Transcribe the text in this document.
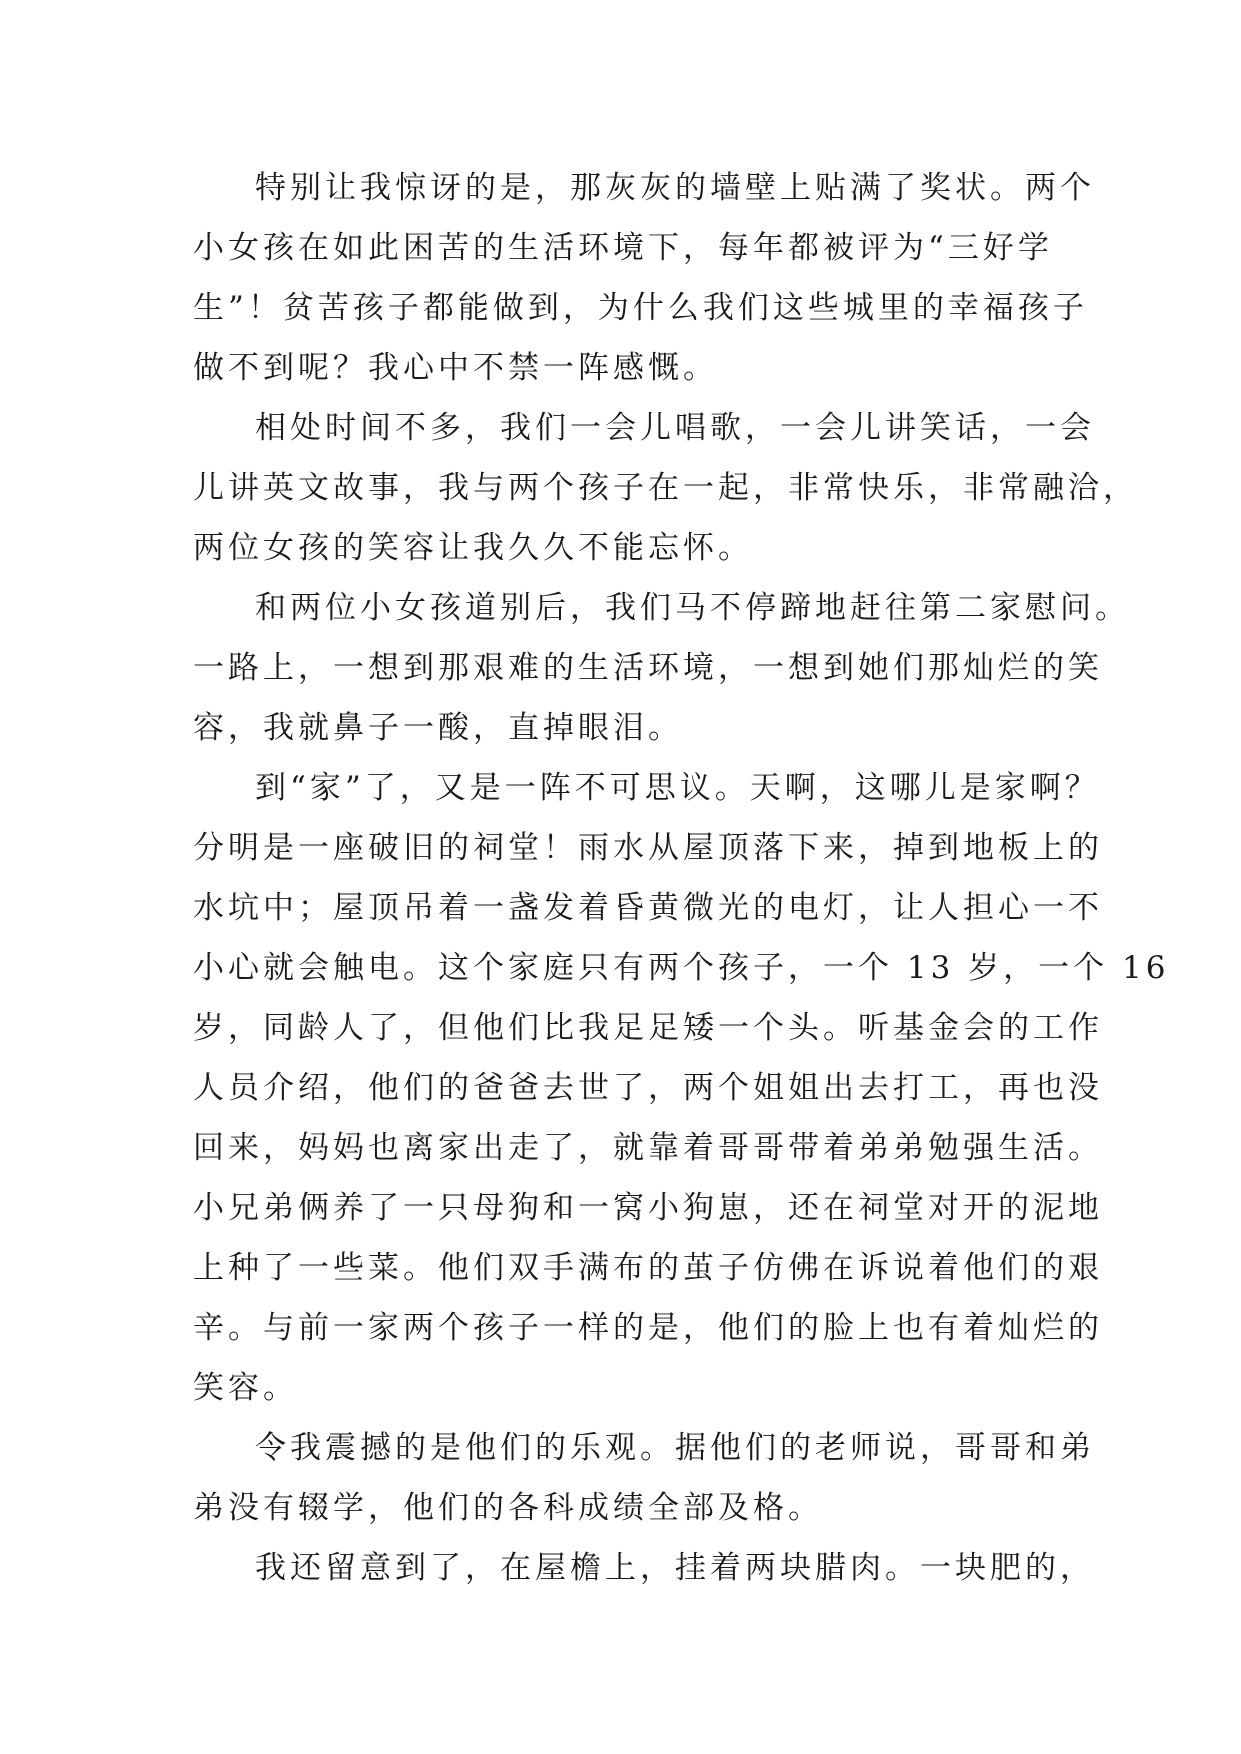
特别让我惊讶的是，那灰灰的墙壁上贴满了奖状。两个
小女孩在如此困苦的生活环境下，每年都被评为“三好学
生”！贫苦孩子都能做到，为什么我们这些城里的幸福孩子
做不到呢？我心中不禁一阵感慨。
相处时间不多，我们一会儿唱歌，一会儿讲笑话，一会
儿讲英文故事，我与两个孩子在一起，非常快乐，非常融洽，
两位女孩的笑容让我久久不能忘怀。
和两位小女孩道别后，我们马不停蹄地赶往第二家慰问。
一路上，一想到那艰难的生活环境，一想到她们那灿烂的笑
容，我就鼻子一酸，直掉眼泪。
到“家”了，又是一阵不可思议。天啊，这哪儿是家啊？
分明是一座破旧的祠堂！雨水从屋顶落下来，掉到地板上的
水坑中；屋顶吊着一盏发着昏黄微光的电灯，让人担心一不
小心就会触电。这个家庭只有两个孩子，一个 13 岁，一个 16
岁，同龄人了，但他们比我足足矮一个头。听基金会的工作
人员介绍，他们的爸爸去世了，两个姐姐出去打工，再也没
回来，妈妈也离家出走了，就靠着哥哥带着弟弟勉强生活。
小兄弟俩养了一只母狗和一窝小狗崽，还在祠堂对开的泥地
上种了一些菜。他们双手满布的茧子仿佛在诉说着他们的艰
辛。与前一家两个孩子一样的是，他们的脸上也有着灿烂的
笑容。
令我震撼的是他们的乐观。据他们的老师说，哥哥和弟
弟没有辍学，他们的各科成绩全部及格。
我还留意到了，在屋檐上，挂着两块腊肉。一块肥的，
